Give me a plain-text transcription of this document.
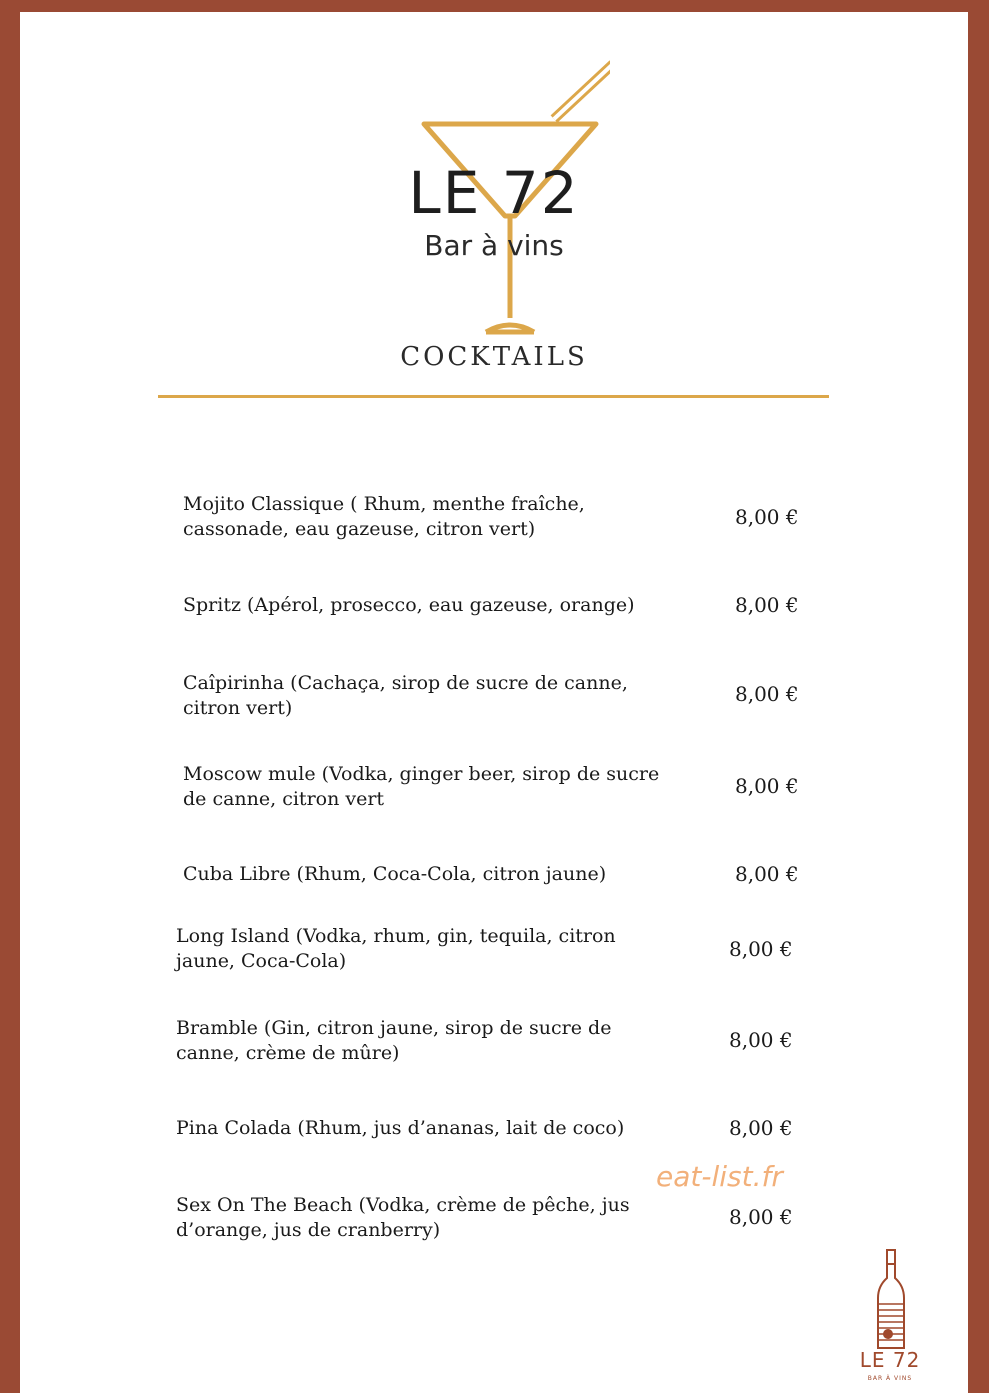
LE 72
Bar à vins
COCKTAILS
Mojito Classique ( Rhum, menthe fraîche,
cassonade, eau gazeuse, citron vert)	8,00 €
Spritz (Apérol, prosecco, eau gazeuse, orange)	8,00 €
Caîpirinha (Cachaça, sirop de sucre de canne,
citron vert)
8,00 €
Moscow mule (Vodka, ginger beer, sirop de sucre
de canne, citron vert
8,00 €
Cuba Libre (Rhum, Coca-Cola, citron jaune)	8,00 €
Long Island (Vodka, rhum, gin, tequila, citron
jaune, Coca-Cola)	8,00 €
Bramble (Gin, citron jaune, sirop de sucre de
canne, crème de mûre)
8,00 €
Pina Colada (Rhum, jus d’ananas, lait de coco)	8,00 €
Sex On The Beach (Vodka, crème de pêche, jus
d’orange, jus de cranberry)
8,00 €
eat-list.fr
LE 72
BAR À VINS
